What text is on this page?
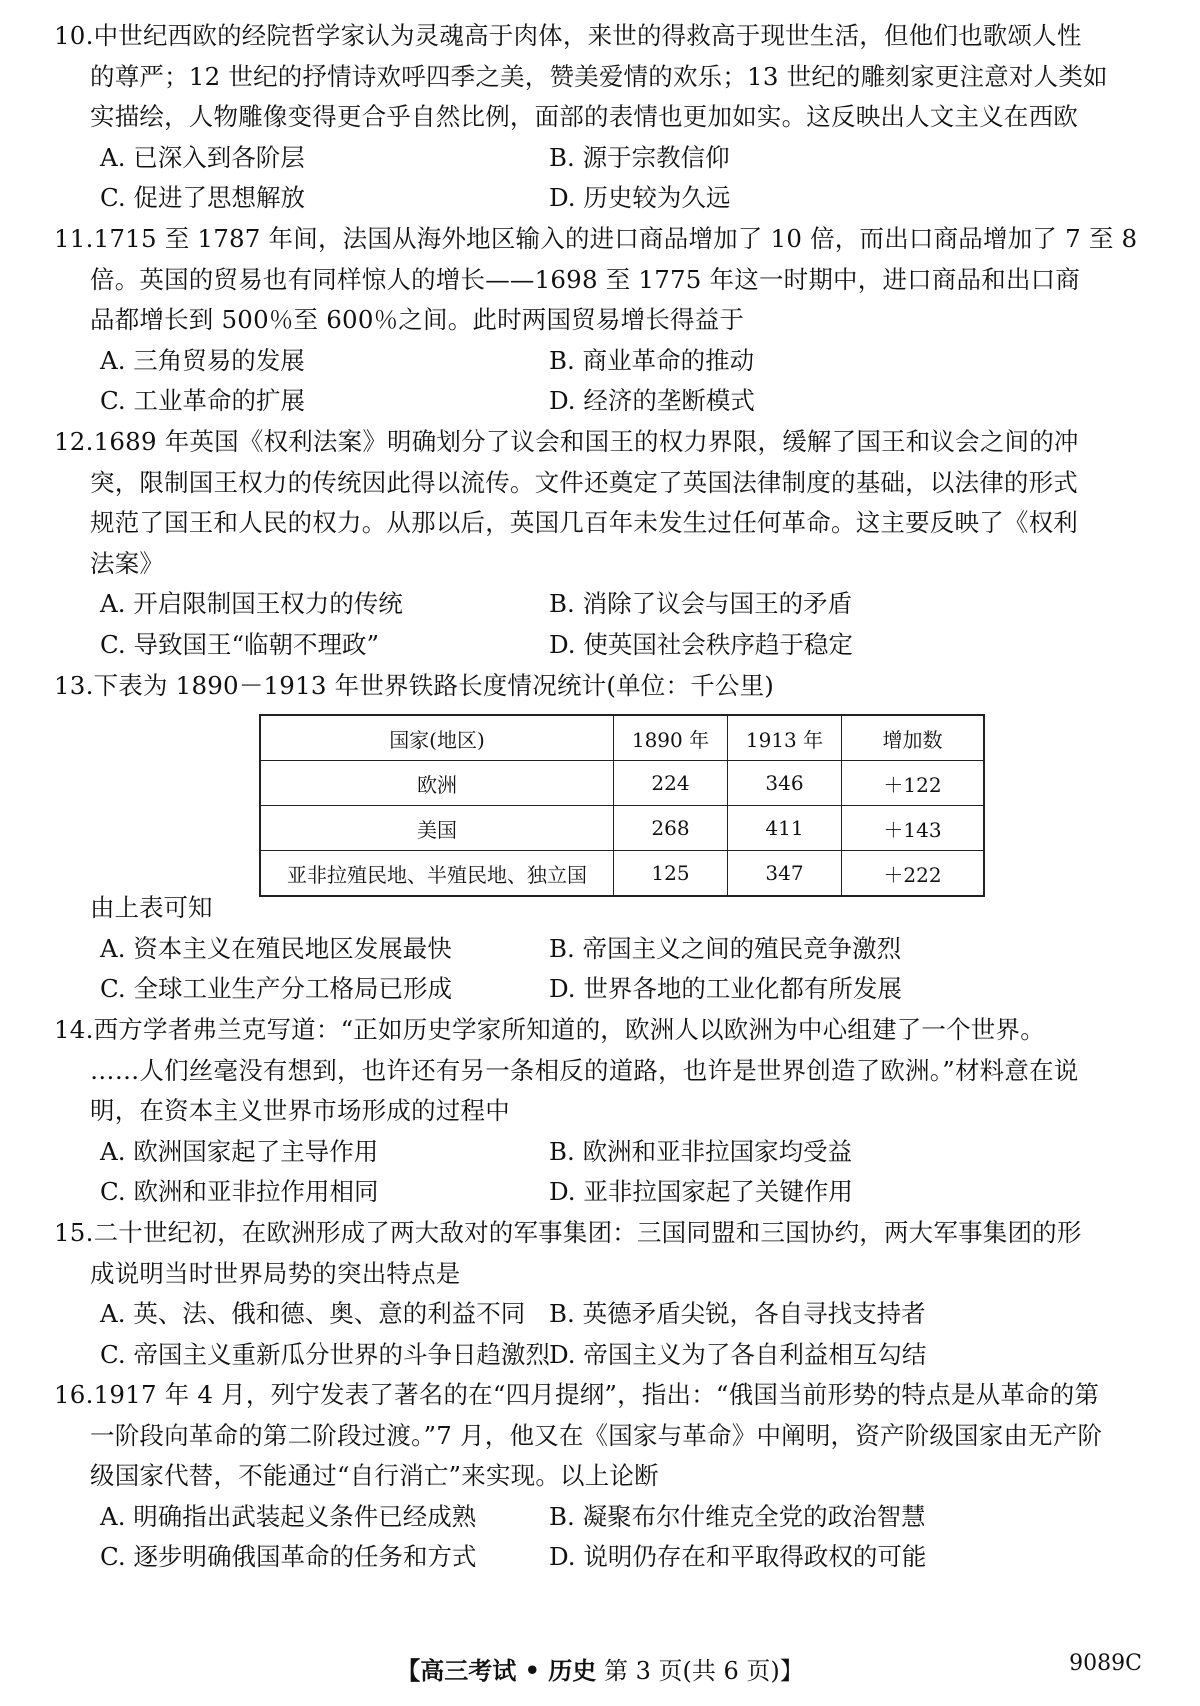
10.中世纪西欧的经院哲学家认为灵魂高于肉体，来世的得救高于现世生活，但他们也歌颂人性
的尊严；12 世纪的抒情诗欢呼四季之美，赞美爱情的欢乐；13 世纪的雕刻家更注意对人类如
实描绘，人物雕像变得更合乎自然比例，面部的表情也更加如实。这反映出人文主义在西欧
A. 已深入到各阶层	B. 源于宗教信仰
C. 促进了思想解放	D. 历史较为久远
11.1715 至 1787 年间，法国从海外地区输入的进口商品增加了 10 倍，而出口商品增加了 7 至 8
倍。英国的贸易也有同样惊人的增长——1698 至 1775 年这一时期中，进口商品和出口商
品都增长到 500％至 600％之间。此时两国贸易增长得益于
A. 三角贸易的发展	B. 商业革命的推动
C. 工业革命的扩展	D. 经济的垄断模式
12.1689 年英国《权利法案》明确划分了议会和国王的权力界限，缓解了国王和议会之间的冲
突，限制国王权力的传统因此得以流传。文件还奠定了英国法律制度的基础，以法律的形式
规范了国王和人民的权力。从那以后，英国几百年未发生过任何革命。这主要反映了《权利
法案》
A. 开启限制国王权力的传统	B. 消除了议会与国王的矛盾
C. 导致国王“临朝不理政”	D. 使英国社会秩序趋于稳定
13.下表为 1890－1913 年世界铁路长度情况统计(单位：千公里)
国家(地区)	1890 年	1913 年	增加数
欧洲	224	346	＋122
美国	268	411	＋143
亚非拉殖民地、半殖民地、独立国	125	347	＋222
由上表可知
A. 资本主义在殖民地区发展最快	B. 帝国主义之间的殖民竞争激烈
C. 全球工业生产分工格局已形成	D. 世界各地的工业化都有所发展
14.西方学者弗兰克写道：“正如历史学家所知道的，欧洲人以欧洲为中心组建了一个世界。
……人们丝毫没有想到，也许还有另一条相反的道路，也许是世界创造了欧洲。”材料意在说
明，在资本主义世界市场形成的过程中
A. 欧洲国家起了主导作用	B. 欧洲和亚非拉国家均受益
C. 欧洲和亚非拉作用相同	D. 亚非拉国家起了关键作用
15.二十世纪初，在欧洲形成了两大敌对的军事集团：三国同盟和三国协约，两大军事集团的形
成说明当时世界局势的突出特点是
A. 英、法、俄和德、奥、意的利益不同 B. 英德矛盾尖锐，各自寻找支持者
C. 帝国主义重新瓜分世界的斗争日趋激烈 D. 帝国主义为了各自利益相互勾结
16.1917 年 4 月，列宁发表了著名的在“四月提纲”，指出：“俄国当前形势的特点是从革命的第
一阶段向革命的第二阶段过渡。”7 月，他又在《国家与革命》中阐明，资产阶级国家由无产阶
级国家代替，不能通过“自行消亡”来实现。以上论断
A. 明确指出武装起义条件已经成熟	B. 凝聚布尔什维克全党的政治智慧
C. 逐步明确俄国革命的任务和方式	D. 说明仍存在和平取得政权的可能
【高三考试 • 历史 第 3 页(共 6 页)】	9089C
